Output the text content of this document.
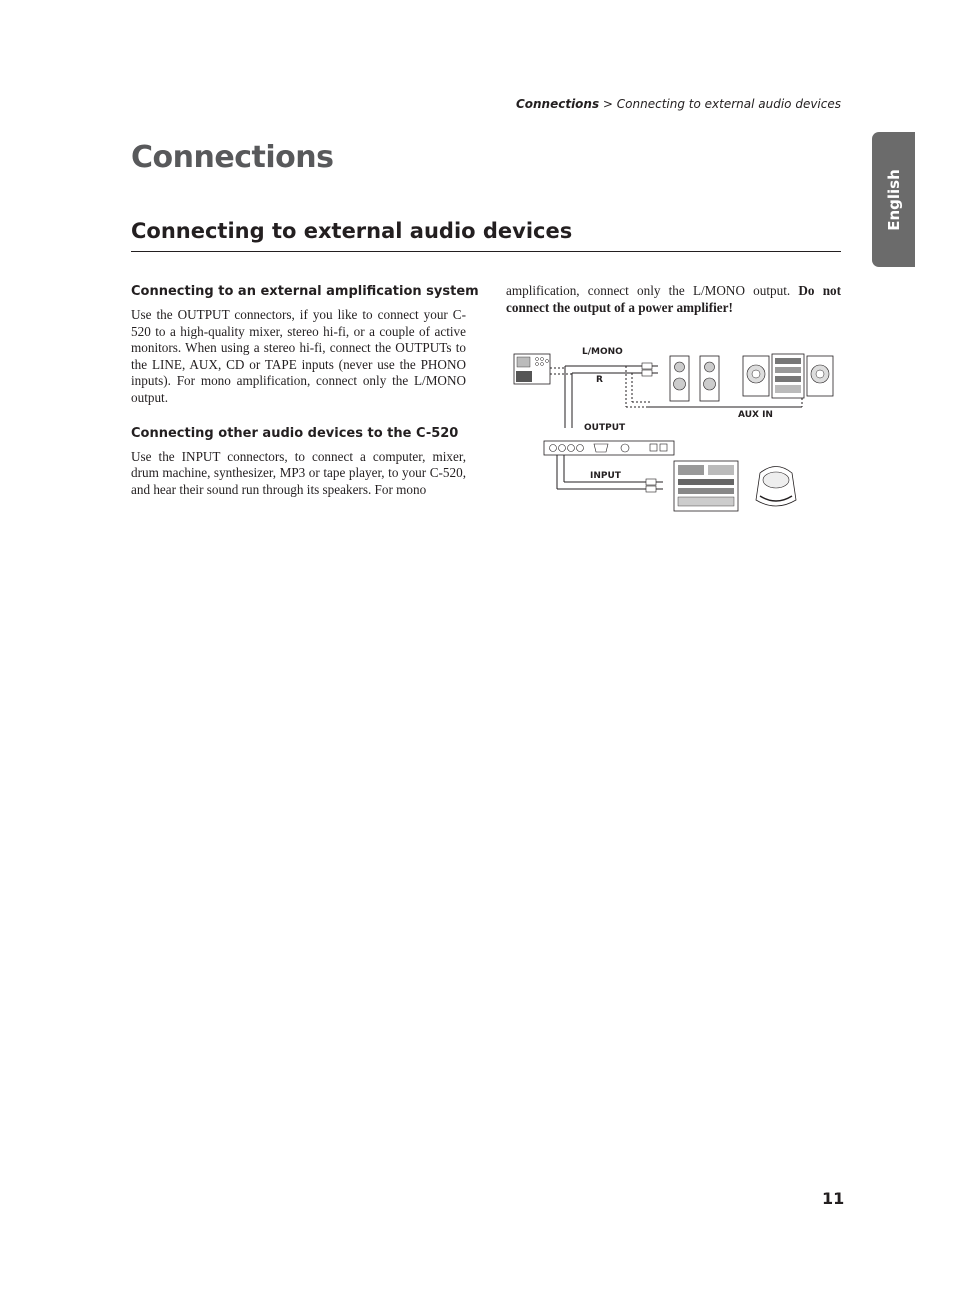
Connections > Connecting to external audio devices
English
Connections
Connecting to external audio devices
Connecting to an external amplification system

Use the OUTPUT connectors, if you like to connect your C-520 to a high-quality mixer, stereo hi-fi, or a couple of active monitors. When using a stereo hi-fi, connect the OUTPUTs to the LINE, AUX, CD or TAPE inputs (never use the PHONO inputs). For mono amplification, connect only the L/MONO output.

Connecting other audio devices to the C-520

Use the INPUT connectors, to connect a computer, mixer, drum machine, synthesizer, MP3 or tape player, to your C-520, and hear their sound run through its speakers. For mono

amplification, connect only the L/MONO output. Do not connect the output of a power amplifier!

L/MONO
R
AUX IN
OUTPUT
INPUT
11
